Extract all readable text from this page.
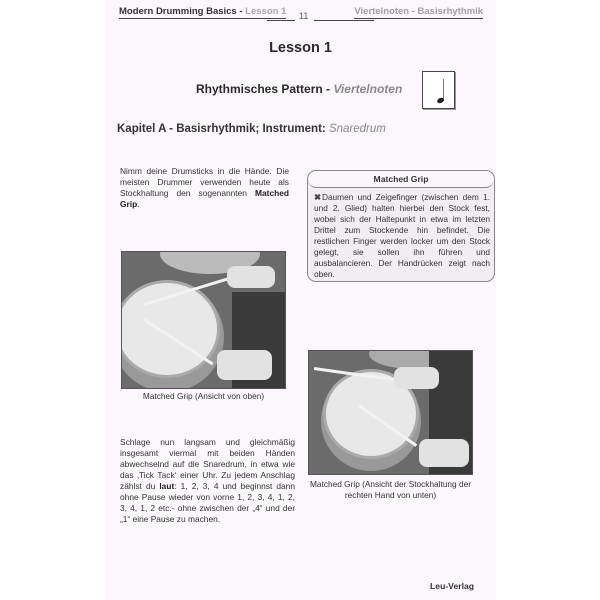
Modern Drumming Basics - Lesson 1 11	Viertelnoten - Basisrhythmik
Lesson 1
Rhythmisches Pattern - Viertelnoten
Kapitel A - Basisrhythmik; Instrument: Snaredrum

Nimm deine Drumsticks in die Hände. Die meisten Drummer verwenden heute als Stockhaltung den sogenannten Matched Grip.

Matched Grip

✖Daumen und Zeigefinger (zwischen dem 1. und 2. Glied) halten hierbei den Stock fest, wobei sich der Haltepunkt in etwa im letzten Drittel zum Stockende hin befindet. Die restlichen Finger werden locker um den Stock gelegt, sie sollen ihn führen und ausbalancieren. Der Handrücken zeigt nach oben.

Matched Grip (Ansicht von oben)
Matched Grip (Ansicht der Stockhaltung der rechten Hand von unten)

Schlage nun langsam und gleichmäßig insgesamt viermal mit beiden Händen abwechselnd auf die Snaredrum, in etwa wie das ‚Tick Tack‘ einer Uhr. Zu jedem Anschlag zählst du laut: 1, 2, 3, 4 und beginnst dann ohne Pause wieder von vorne 1, 2, 3, 4, 1, 2, 3, 4, 1, 2 etc.- ohne zwischen der „4“ und der „1“ eine Pause zu machen.

Leu-Verlag
